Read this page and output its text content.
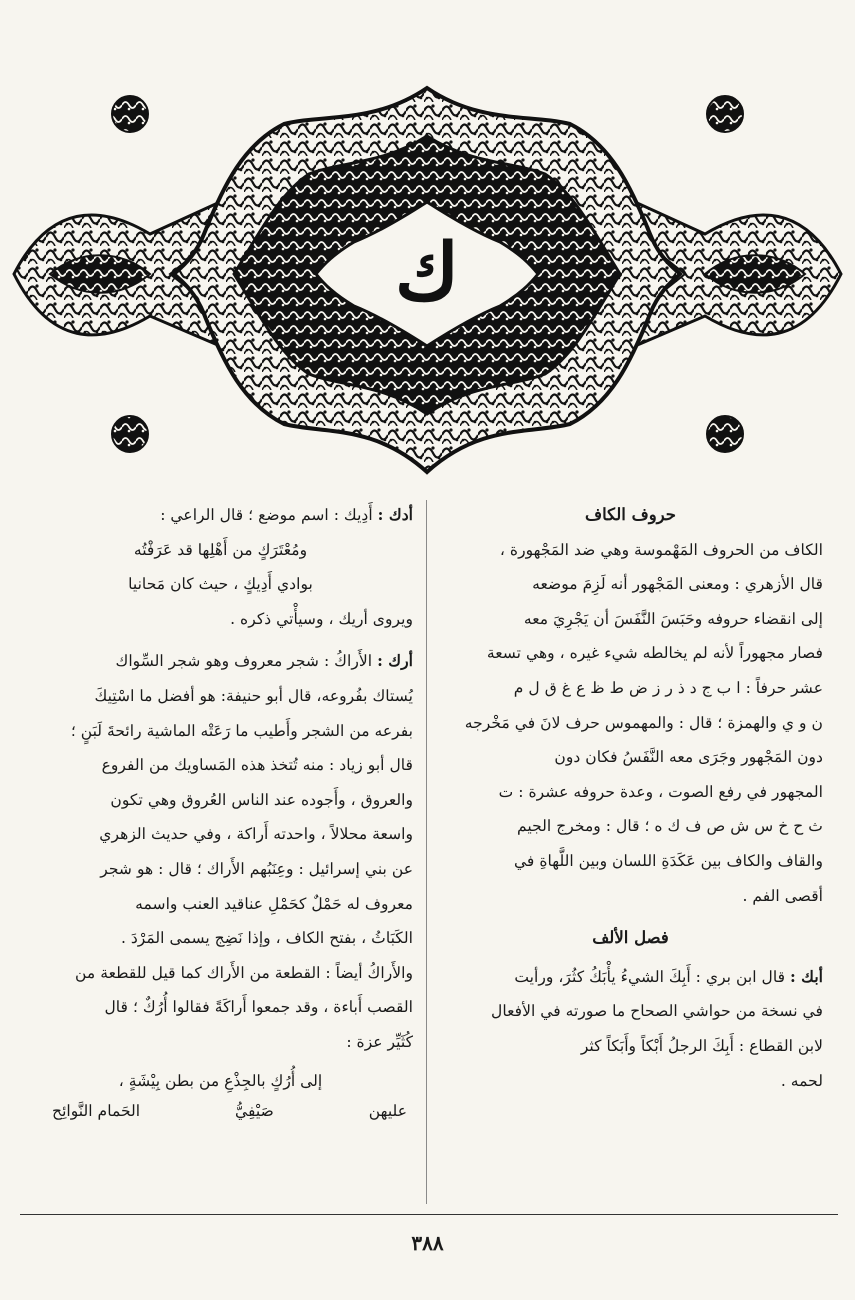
ك

حروف الكاف

الكاف من الحروف المَهْموسة وهي ضد المَجْهورة ،

قال الأزهري : ومعنى المَجْهور أنه لَزِمَ موضعه

إلى انقضاء حروفه وحَبَسَ النَّفَسَ أن يَجْرِيَ معه

فصار مجهوراً لأنه لم يخالطه شيء غيره ، وهي تسعة

عشر حرفاً : ا ب ج د ذ ر ز ض ط ظ ع غ ق ل م

ن و ي والهمزة ؛ قال : والمهموس حرف لانَ في مَخْرجه

دون المَجْهور وجَرَى معه النَّفَسُ فكان دون

المجهور في رفع الصوت ، وعدة حروفه عشرة : ت

ث ح خ س ش ص ف ك ه ؛ قال : ومخرج الجيم

والقاف والكاف بين عَكَدَةِ اللسان وبين اللَّهاةِ في

أقصى الفم .

فصل الألف

أبك : قال ابن بري : أَبِكَ الشيءُ يأْبَكُ كثُرَ، ورأيت

في نسخة من حواشي الصحاح ما صورته في الأفعال

لابن القطاع : أَبِكَ الرجلُ أَبْكاً وأَبَكاً كثر

لحمه .

أدك : أَدِيك : اسم موضع ؛ قال الراعي :

ومُعْتَرَكٍ من أَهْلِها قد عَرَفْتُه

بوادي أَدِيكٍ ، حيث كان مَحانيا

ويروى أريك ، وسيأْتي ذكره .

أرك : الأَراكُ : شجر معروف وهو شجر السِّواك

يُستاك بفُروعه، قال أبو حنيفة: هو أفضل ما اسْتِيكَ

بفرعه من الشجر وأَطيب ما رَعَتْه الماشية رائحةَ لَبَنٍ ؛

قال أبو زياد : منه تُتخذ هذه المَساويك من الفروع

والعروق ، وأَجوده عند الناس العُروق وهي تكون

واسعة محلالاً ، واحدته أَراكة ، وفي حديث الزهري

عن بني إسرائيل : وعِنَبُهم الأَراك ؛ قال : هو شجر

معروف له حَمْلٌ كحَمْلِ عناقيد العنب واسمه

الكَبَاثُ ، بفتح الكاف ، وإذا نَضِج يسمى المَرْدَ .

والأَراكُ أيضاً : القطعة من الأَراك كما قيل للقطعة من

القصب أَباءة ، وقد جمعوا أَراكَةً فقالوا أُرُكٌ ؛ قال

كُثَيِّر عزة :

إلى أُرُكٍ بالجِذْعِ من بطن بِيْشَةٍ ،

عليهن
صَيْفِيُّ
الحَمام النَّوائِح

٣٨٨
